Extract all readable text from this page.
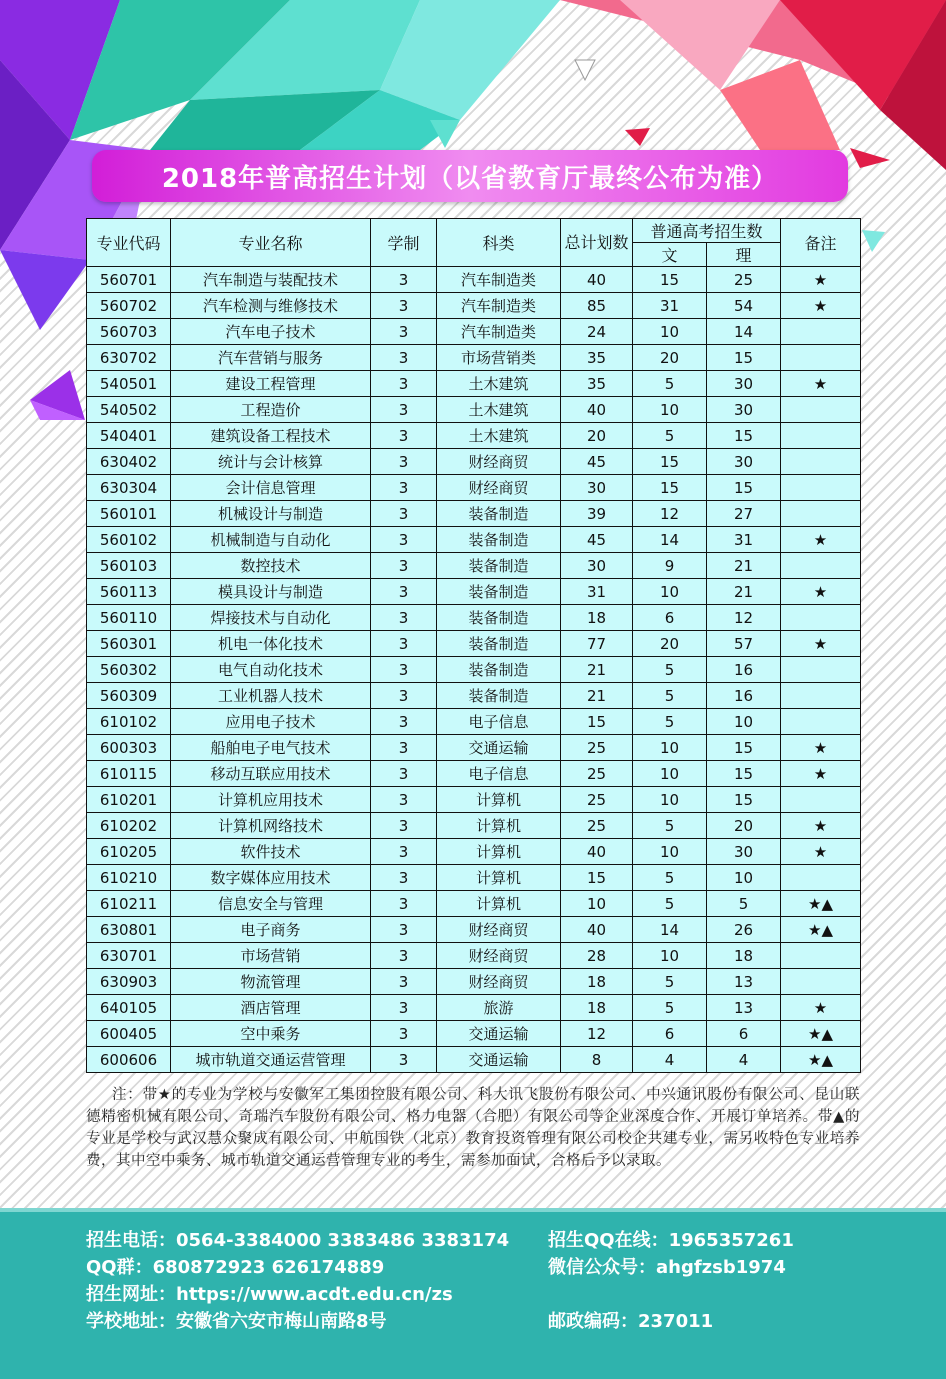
2018年普高招生计划（以省教育厅最终公布为准）
专业代码	专业名称	学制	科类	总计划数	普通高考招生数		备注
					文	理	
560701	汽车制造与装配技术	3	汽车制造类	40	15	25	★
560702	汽车检测与维修技术	3	汽车制造类	85	31	54	★
560703	汽车电子技术	3	汽车制造类	24	10	14	
630702	汽车营销与服务	3	市场营销类	35	20	15	
540501	建设工程管理	3	土木建筑	35	5	30	★
540502	工程造价	3	土木建筑	40	10	30	
540401	建筑设备工程技术	3	土木建筑	20	5	15	
630402	统计与会计核算	3	财经商贸	45	15	30	
630304	会计信息管理	3	财经商贸	30	15	15	
560101	机械设计与制造	3	装备制造	39	12	27	
560102	机械制造与自动化	3	装备制造	45	14	31	★
560103	数控技术	3	装备制造	30	9	21	
560113	模具设计与制造	3	装备制造	31	10	21	★
560110	焊接技术与自动化	3	装备制造	18	6	12	
560301	机电一体化技术	3	装备制造	77	20	57	★
560302	电气自动化技术	3	装备制造	21	5	16	
560309	工业机器人技术	3	装备制造	21	5	16	
610102	应用电子技术	3	电子信息	15	5	10	
600303	船舶电子电气技术	3	交通运输	25	10	15	★
610115	移动互联应用技术	3	电子信息	25	10	15	★
610201	计算机应用技术	3	计算机	25	10	15	
610202	计算机网络技术	3	计算机	25	5	20	★
610205	软件技术	3	计算机	40	10	30	★
610210	数字媒体应用技术	3	计算机	15	5	10	
610211	信息安全与管理	3	计算机	10	5	5	★▲
630801	电子商务	3	财经商贸	40	14	26	★▲
630701	市场营销	3	财经商贸	28	10	18	
630903	物流管理	3	财经商贸	18	5	13	
640105	酒店管理	3	旅游	18	5	13	★
600405	空中乘务	3	交通运输	12	6	6	★▲
600606	城市轨道交通运营管理	3	交通运输	8	4	4	★▲
注：带★的专业为学校与安徽军工集团控股有限公司、科大讯飞股份有限公司、中兴通讯股份有限公司、昆山联德精密机械有限公司、奇瑞汽车股份有限公司、格力电器（合肥）有限公司等企业深度合作、开展订单培养。带▲的专业是学校与武汉慧众聚成有限公司、中航国铁（北京）教育投资管理有限公司校企共建专业，需另收特色专业培养费，其中空中乘务、城市轨道交通运营管理专业的考生，需参加面试，合格后予以录取。
招生电话：0564-3384000 3383486 3383174 招生QQ在线：1965357261
QQ群：680872923 626174889	微信公众号：ahgfzsb1974
招生网址：https://www.acdt.edu.cn/zs
学校地址：安徽省六安市梅山南路8号	邮政编码：237011
